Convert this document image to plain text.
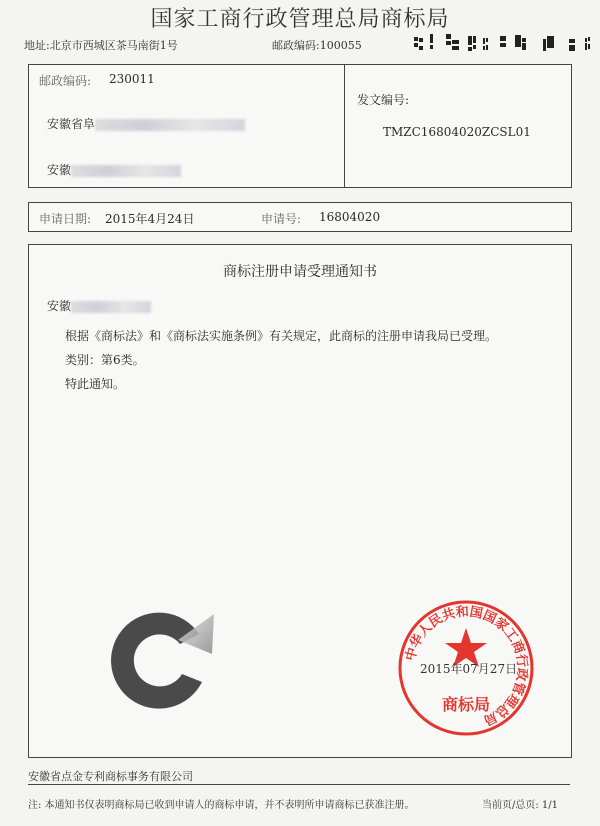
国家工商行政管理总局商标局
地址:北京市西城区茶马南街1号	邮政编码:100055
邮政编码: 230011
安徽省阜
安徽
发文编号:
TMZC16804020ZCSL01
申请日期: 2015年4月24日	申请号: 16804020
商标注册申请受理通知书
安徽
根据《商标法》和《商标法实施条例》有关规定，此商标的注册申请我局已受理。
类别：第6类。
特此通知。
中华人民共和国国家工商行政管理总局
商标局
2015年07月27日
安徽省点金专利商标事务有限公司
注: 本通知书仅表明商标局已收到申请人的商标申请，并不表明所申请商标已获准注册。	当前页/总页: 1/1
